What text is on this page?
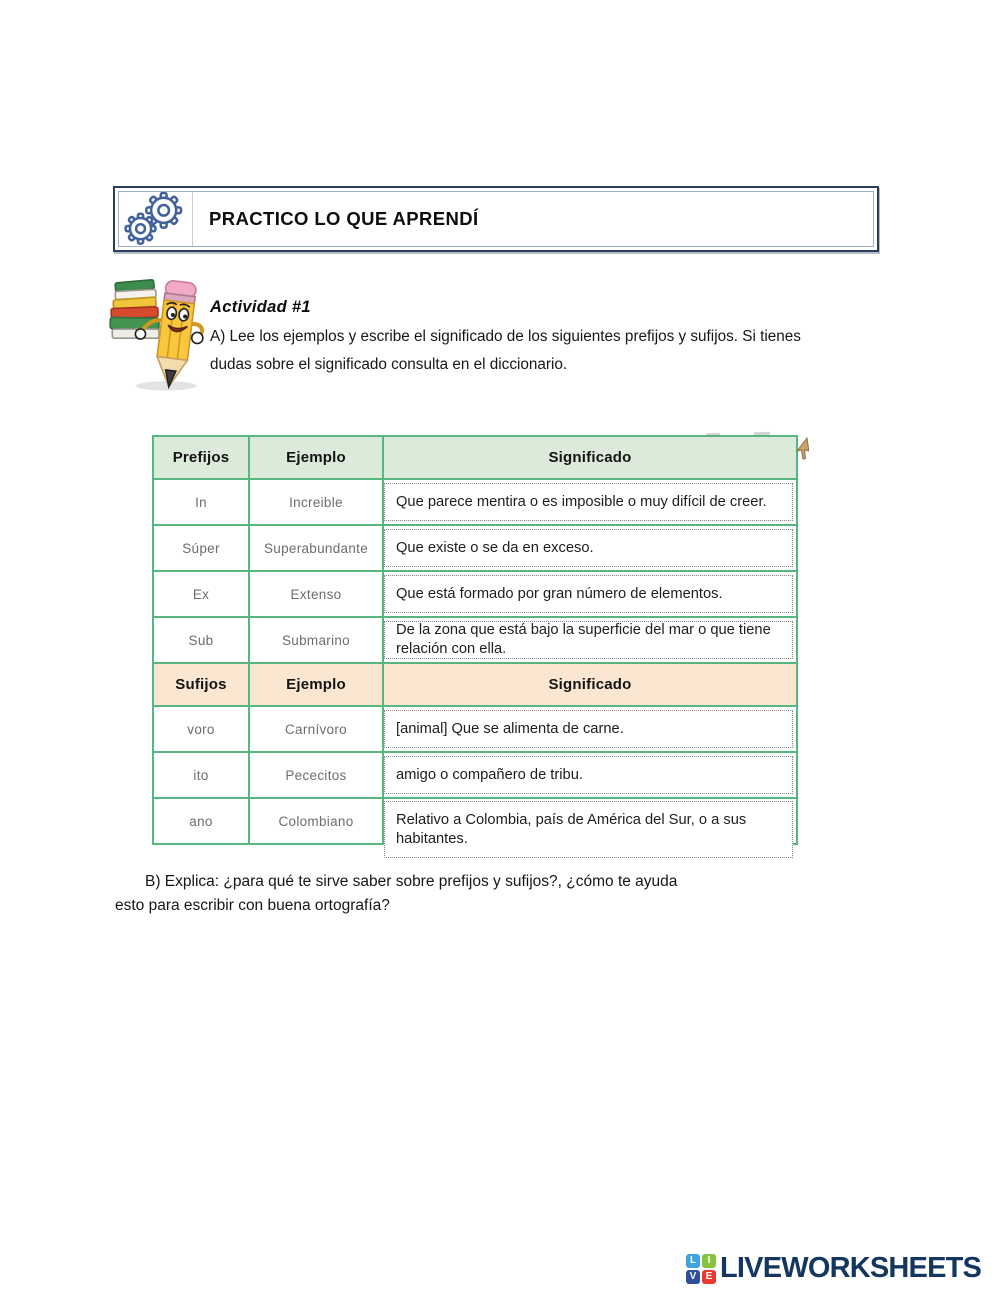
PRACTICO LO QUE APRENDÍ
Actividad #1
A) Lee los ejemplos y escribe el significado de los siguientes prefijos y sufijos. Si tienes
dudas sobre el significado consulta en el diccionario.
Prefijos	Ejemplo	Significado
In	Increible	Que parece mentira o es imposible o muy difícil de creer.

Súper	Superabundante	Que existe o se da en exceso.

Ex	Extenso	Que está formado por gran número de elementos.

Sub	Submarino	De la zona que está bajo la superficie del mar o que tiene relación con ella.

Sufijos	Ejemplo	Significado
voro	Carnívoro	[animal] Que se alimenta de carne.

ito	Pececitos	amigo o compañero de tribu.

ano	Colombiano	Relativo a Colombia, país de América del Sur, o a sus habitantes.
B) Explica: ¿para qué te sirve saber sobre prefijos y sufijos?, ¿cómo te ayuda
esto para escribir con buena ortografía?
L	I
V E LIVEWORKSHEETS
